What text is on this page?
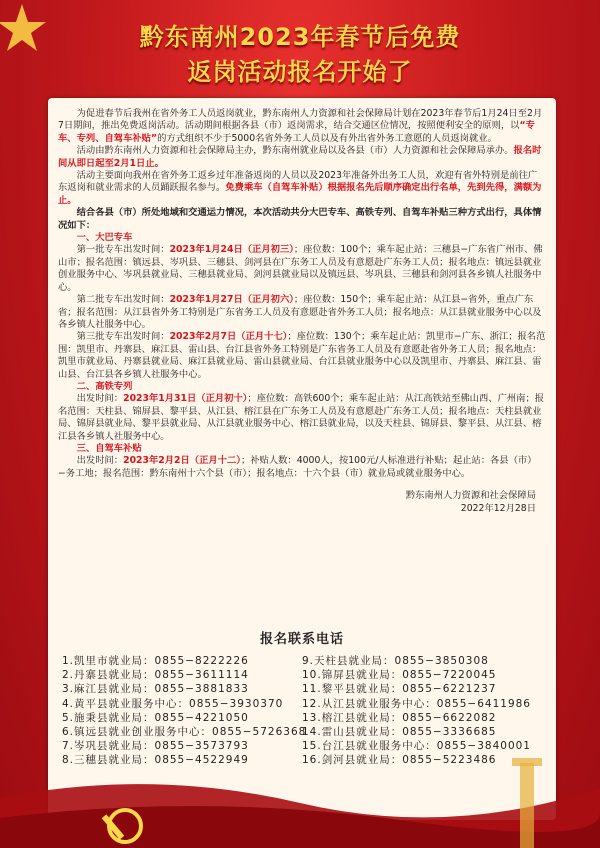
黔东南州2023年春节后免费
返岗活动报名开始了

为促进春节后我州在省外务工人员返岗就业，黔东南州人力资源和社会保障局计划在2023年春节后1月24日至2月7日期间，推出免费返岗活动。活动期间根据各县（市）返岗需求，结合交通区位情况，按照便利安全的原则，以“专车、专列、自驾车补贴”的方式组织不少于5000名省外务工人员以及有外出省外务工意愿的人员返岗就业。

活动由黔东南州人力资源和社会保障局主办，黔东南州就业局以及各县（市）人力资源和社会保障局承办。报名时间从即日起至2月1日止。

活动主要面向我州在省外务工返乡过年准备返岗的人员以及2023年准备外出务工人员，欢迎有省外特别是前往广东返岗和就业需求的人员踊跃报名参与。免费乘车（自驾车补贴）根据报名先后顺序确定出行名单，先到先得，满额为止。

结合各县（市）所处地域和交通运力情况，本次活动共分大巴专车、高铁专列、自驾车补贴三种方式出行，具体情况如下：

一、大巴专车

第一批专车出发时间：2023年1月24日（正月初三）；座位数：100个；乘车起止站：三穗县−广东省广州市、佛山市；报名范围：镇远县、岑巩县、三穗县、剑河县在广东务工人员及有意愿赴广东务工人员；报名地点：镇远县就业创业服务中心、岑巩县就业局、三穗县就业局、剑河县就业局以及镇远县、岑巩县、三穗县和剑河县各乡镇人社服务中心。

第二批专车出发时间：2023年1月27日（正月初六）；座位数：150个；乘车起止站：从江县−省外，重点广东省；报名范围：从江县省外务工特别是广东省务工人员及有意愿赴省外务工人员；报名地点：从江县就业服务中心以及各乡镇人社服务中心。

第三批专车出发时间：2023年2月7日（正月十七）；座位数：130个；乘车起止站：凯里市−广东、浙江；报名范围：凯里市、丹寨县、麻江县、雷山县、台江县省外务工特别是广东省务工人员及有意愿赴省外务工人员；报名地点：凯里市就业局、丹寨县就业局、麻江县就业局、雷山县就业局、台江县就业服务中心以及凯里市、丹寨县、麻江县、雷山县、台江县各乡镇人社服务中心。

二、高铁专列

出发时间：2023年1月31日（正月初十）；座位数：高铁600个；乘车起止站：从江高铁站至佛山西、广州南；报名范围：天柱县、锦屏县、黎平县、从江县、榕江县在广东务工人员及有意愿赴广东务工人员；报名地点：天柱县就业局、锦屏县就业局、黎平县就业局、从江县就业服务中心、榕江县就业局，以及天柱县、锦屏县、黎平县、从江县、榕江县各乡镇人社服务中心。

三、自驾车补贴

出发时间：2023年2月2日（正月十二）；补贴人数：4000人，按100元/人标准进行补贴；起止站：各县（市）−务工地；报名范围：黔东南州十六个县（市）；报名地点：十六个县（市）就业局或就业服务中心。

黔东南州人力资源和社会保障局
2022年12月28日
报名联系电话
1.凯里市就业局：0855−8222226
2.丹寨县就业局：0855−3611114
3.麻江县就业局：0855−3881833
4.黄平县就业服务中心：0855−3930370
5.施秉县就业局：0855−4221050
6.镇远县就业创业服务中心：0855−5726368
7.岑巩县就业局：0855−3573793
8.三穗县就业局：0855−4522949
9.天柱县就业局：0855−3850308
10.锦屏县就业局：0855−7220045
11.黎平县就业局：0855−6221237
12.从江县就业服务中心：0855−6411986
13.榕江县就业局：0855−6622082
14.雷山县就业局：0855−3336685
15.台江县就业服务中心：0855−3840001
16.剑河县就业局：0855−5223486
